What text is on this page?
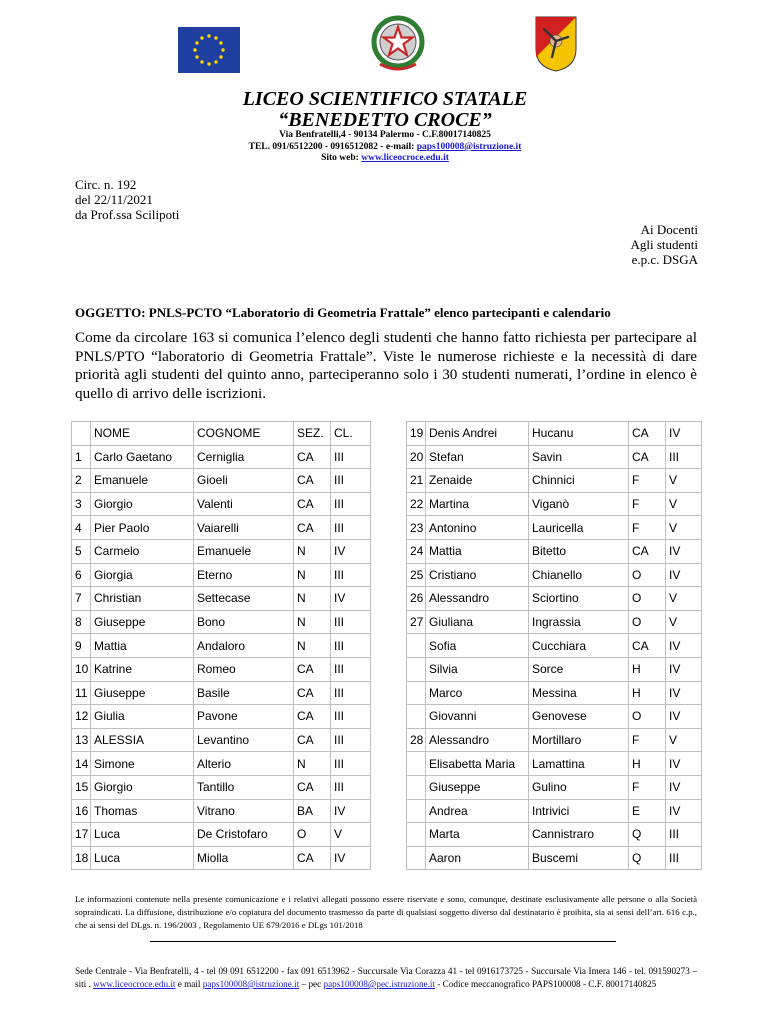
LICEO SCIENTIFICO STATALE
“BENEDETTO CROCE”
Via Benfratelli,4 - 90134 Palermo - C.F.80017140825
TEL. 091/6512200 - 0916512082 - e-mail: paps100008@istruzione.it
Sito web: www.liceocroce.edu.it
Circ. n. 192
del 22/11/2021
da Prof.ssa Scilipoti
Ai Docenti
Agli studenti
e.p.c. DSGA
OGGETTO: PNLS-PCTO “Laboratorio di Geometria Frattale” elenco partecipanti e calendario
Come da circolare 163 si comunica l’elenco degli studenti che hanno fatto richiesta per partecipare al PNLS/PTO “laboratorio di Geometria Frattale”. Viste le numerose richieste e la necessità di dare priorità agli studenti del quinto anno, parteciperanno solo i 30 studenti numerati, l’ordine in elenco è quello di arrivo delle iscrizioni.
	NOME	COGNOME	SEZ.	CL.
1	Carlo Gaetano	Cerniglia	CA	III
2	Emanuele	Gioeli	CA	III
3	Giorgio	Valenti	CA	III
4	Pier Paolo	Vaiarelli	CA	III
5	Carmelo	Emanuele	N	IV
6	Giorgia	Eterno	N	III
7	Christian	Settecase	N	IV
8	Giuseppe	Bono	N	III
9	Mattia	Andaloro	N	III
10	Katrine	Romeo	CA	III
11	Giuseppe	Basile	CA	III
12	Giulia	Pavone	CA	III
13	ALESSIA	Levantino	CA	III
14	Simone	Alterio	N	III
15	Giorgio	Tantillo	CA	III
16	Thomas	Vitrano	BA	IV
17	Luca	De Cristofaro	O	V
18	Luca	Miolla	CA	IV
19	Denis Andrei	Hucanu	CA	IV
20	Stefan	Savin	CA	III
21	Zenaide	Chinnici	F	V
22	Martina	Viganò	F	V
23	Antonino	Lauricella	F	V
24	Mattia	Bitetto	CA	IV
25	Cristiano	Chianello	O	IV
26	Alessandro	Sciortino	O	V
27	Giuliana	Ingrassia	O	V
	Sofia	Cucchiara	CA	IV
	Silvia	Sorce	H	IV
	Marco	Messina	H	IV
	Giovanni	Genovese	O	IV
28	Alessandro	Mortillaro	F	V
	Elisabetta Maria	Lamattina	H	IV
	Giuseppe	Gulino	F	IV
	Andrea	Intrivici	E	IV
	Marta	Cannistraro	Q	III
	Aaron	Buscemi	Q	III
Le informazioni contenute nella presente comunicazione e i relativi allegati possono essere riservate e sono, comunque, destinate esclusivamente alle persone o alla Società sopraindicati. La diffusione, distribuzione e/o copiatura del documento trasmesso da parte di qualsiasi soggetto diverso dal destinatario è proibita, sia ai sensi dell’art. 616 c.p., che ai sensi del DLgs. n. 196/2003 , Regolamento UE 679/2016 e DLgs 101/2018
Sede Centrale - Via Benfratelli, 4 - tel 09 091 6512200 - fax 091 6513962 - Succursale Via Corazza 41 - tel 0916173725 - Succursale Via Imera 146 - tel. 091590273 – siti . www.liceocroce.edu.it e mail paps100008@istruzione.it – pec paps100008@pec.istruzione.it - Codice meccanografico PAPS100008 - C.F. 80017140825
